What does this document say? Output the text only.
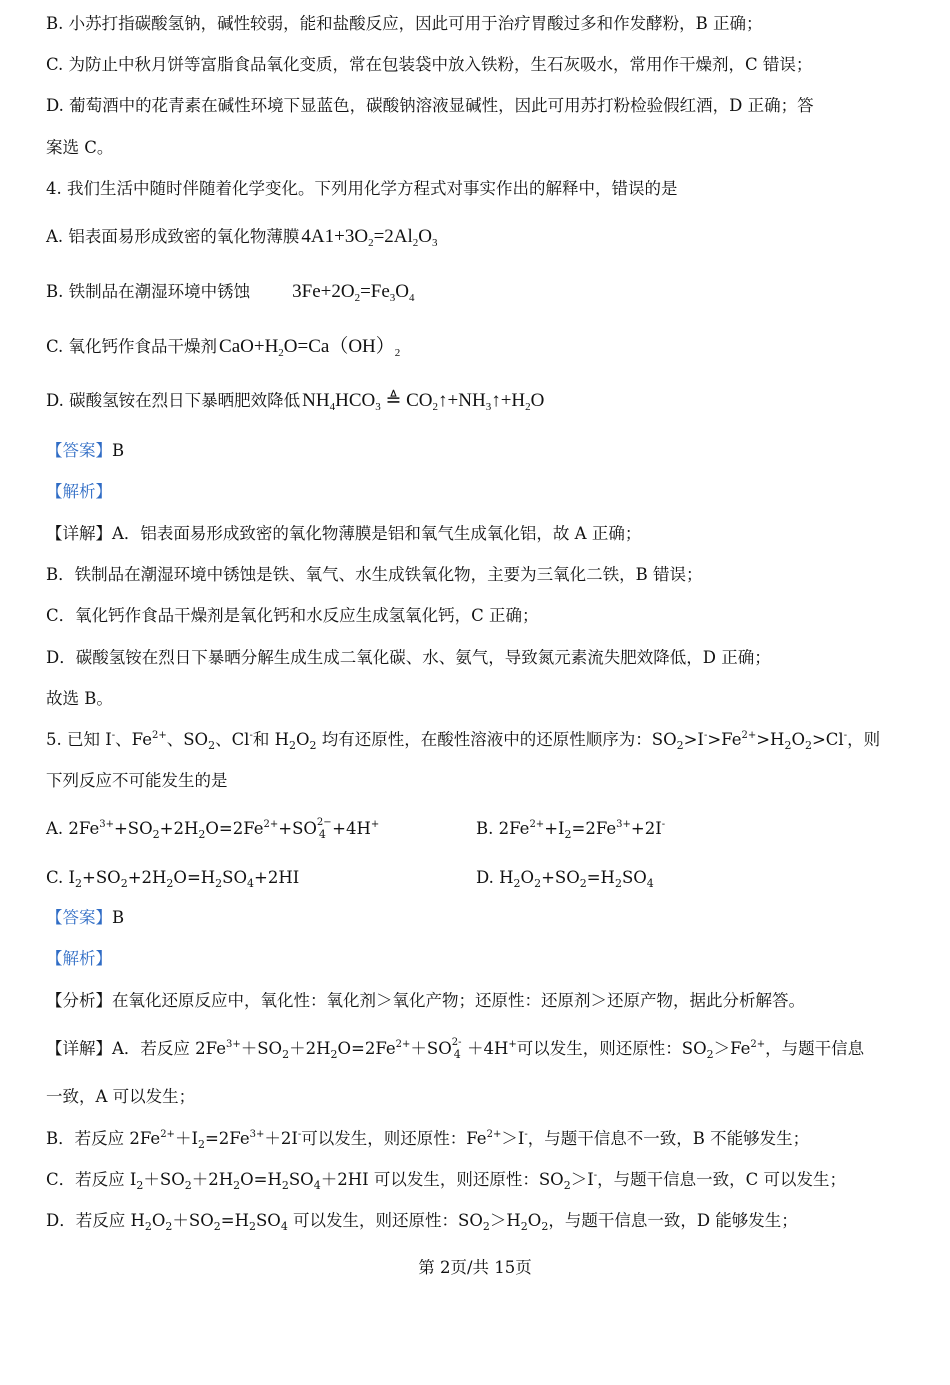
B. 小苏打指碳酸氢钠，碱性较弱，能和盐酸反应，因此可用于治疗胃酸过多和作发酵粉，B 正确；
C. 为防止中秋月饼等富脂食品氧化变质，常在包装袋中放入铁粉，生石灰吸水，常用作干燥剂，C 错误；
D. 葡萄酒中的花青素在碱性环境下显蓝色，碳酸钠溶液显碱性，因此可用苏打粉检验假红酒，D 正确；答
案选 C。
4. 我们生活中随时伴随着化学变化。下列用化学方程式对事实作出的解释中，错误的是
A. 铝表面易形成致密的氧化物薄膜 $4A1+3O_2=2Al_2O_3$
B. 铁制品在潮湿环境中锈蚀 $3Fe+2O_2=Fe_3O_4$
C. 氧化钙作食品干燥剂 $CaO+H_2O=Ca(OH)_2$
D. 碳酸氢铵在烈日下暴晒肥效降低 $NH_4HCO_3$ ≜ $CO_2↑+NH_3↑+H_2O$
【答案】B
【解析】
【详解】A．铝表面易形成致密的氧化物薄膜是铝和氧气生成氧化铝，故 A 正确；
B．铁制品在潮湿环境中锈蚀是铁、氧气、水生成铁氧化物，主要为三氧化二铁，B 错误；
C．氧化钙作食品干燥剂是氧化钙和水反应生成氢氧化钙，C 正确；
D．碳酸氢铵在烈日下暴晒分解生成生成二氧化碳、水、氨气，导致氮元素流失肥效降低，D 正确；
故选 B。
5. 已知 I-、$Fe^{2+}$、$SO_2$、Cl-和 $H_2O_2$ 均有还原性，在酸性溶液中的还原性顺序为：$SO_2>I^->Fe^{2+}>H_2O_2>Cl^-$，则
下列反应不可能发生的是
A. $2Fe^{3+}+SO_2+2H_2O=2Fe^{2+}+SO$ 2−
4 +4H+	B. $2Fe^{2+}+I_2=2Fe^{3+}+2I^-$
C. $I_2+SO_2+2H_2O=H_2SO_4+2HI$	D. $H_2O_2+SO_2=H_2SO_4$
【答案】B
【解析】
【分析】在氧化还原反应中，氧化性：氧化剂＞氧化产物；还原性：还原剂＞还原产物，据此分析解答。
【详解】A．若反应 $2Fe^{3+}+SO_2+2H_2O=2Fe^{2+}+SO$ 2-
4 ＋4H+可以发生，则还原性：$SO_2>Fe^{2+}$，与题干信息
一致，A 可以发生；
B．若反应 $2Fe^{2+}+I_2=2Fe^{3+}+2I^-$可以发生，则还原性：$Fe^{2+}>I^-$，与题干信息不一致，B 不能够发生；
C．若反应 $I_2+SO_2+2H_2O=H_2SO_4+2HI$ 可以发生，则还原性：$SO_2>I^-$，与题干信息一致，C 可以发生；
D．若反应 $H_2O_2+SO_2=H_2SO_4$ 可以发生，则还原性：$SO_2>H_2O_2$，与题干信息一致，D 能够发生；
第 2页/共 15页
